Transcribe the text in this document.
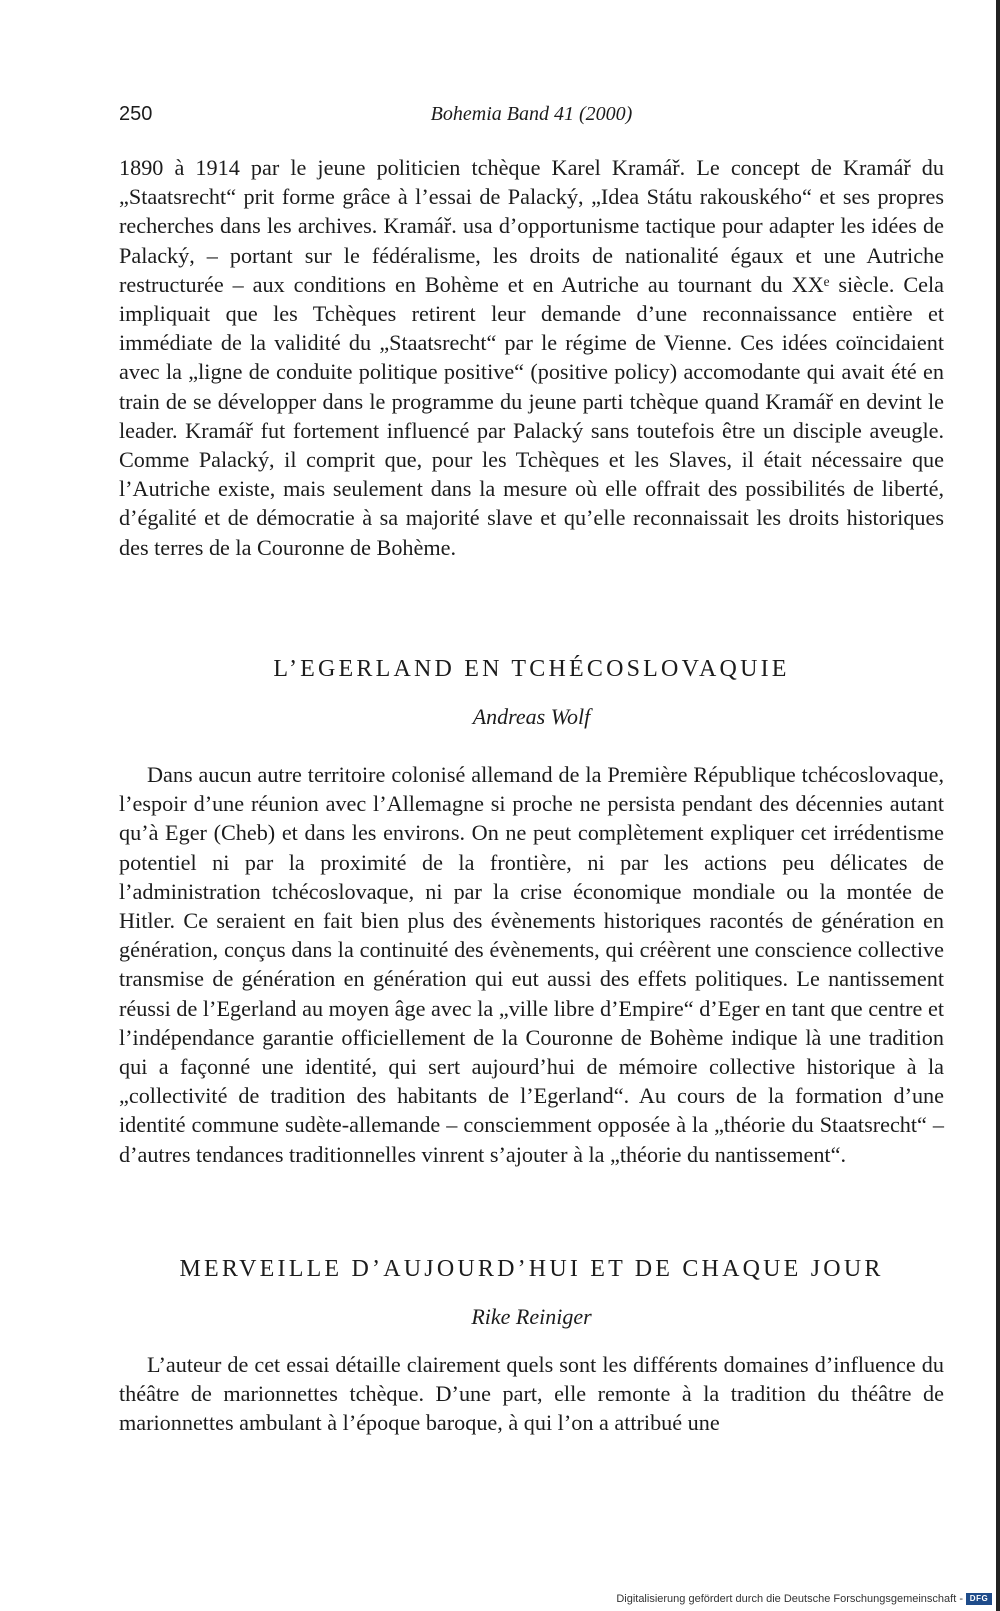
250	Bohemia Band 41 (2000)

1890 à 1914 par le jeune politicien tchèque Karel Kramář. Le concept de Kramář du „Staatsrecht“ prit forme grâce à l’essai de Palacký, „Idea Státu rakouského“ et ses propres recherches dans les archives. Kramář. usa d’opportunisme tactique pour adapter les idées de Palacký, – portant sur le fédéralisme, les droits de nationalité égaux et une Autriche restructurée – aux conditions en Bohème et en Autriche au tournant du XXᵉ siècle. Cela impliquait que les Tchèques retirent leur demande d’une reconnaissance entière et immédiate de la validité du „Staatsrecht“ par le régime de Vienne. Ces idées coïncidaient avec la „ligne de conduite politique positive“ (positive policy) accomodante qui avait été en train de se développer dans le programme du jeune parti tchèque quand Kramář en devint le leader. Kramář fut fortement influencé par Palacký sans toutefois être un disciple aveugle. Comme Palacký, il comprit que, pour les Tchèques et les Slaves, il était nécessaire que l’Autriche existe, mais seulement dans la mesure où elle offrait des possibilités de liberté, d’égalité et de démocratie à sa majorité slave et qu’elle reconnaissait les droits historiques des terres de la Couronne de Bohème.

L’EGERLAND EN TCHÉCOSLOVAQUIE

Andreas Wolf

Dans aucun autre territoire colonisé allemand de la Première République tchécoslovaque, l’espoir d’une réunion avec l’Allemagne si proche ne persista pendant des décennies autant qu’à Eger (Cheb) et dans les environs. On ne peut complètement expliquer cet irrédentisme potentiel ni par la proximité de la frontière, ni par les actions peu délicates de l’administration tchécoslovaque, ni par la crise économique mondiale ou la montée de Hitler. Ce seraient en fait bien plus des évènements historiques racontés de génération en génération, conçus dans la continuité des évènements, qui créèrent une conscience collective transmise de génération en génération qui eut aussi des effets politiques. Le nantissement réussi de l’Egerland au moyen âge avec la „ville libre d’Empire“ d’Eger en tant que centre et l’indépendance garantie officiellement de la Couronne de Bohème indique là une tradition qui a façonné une identité, qui sert aujourd’hui de mémoire collective historique à la „collectivité de tradition des habitants de l’Egerland“. Au cours de la formation d’une identité commune sudète-allemande – consciemment opposée à la „théorie du Staatsrecht“ – d’autres tendances traditionnelles vinrent s’ajouter à la „théorie du nantissement“.

MERVEILLE D’AUJOURD’HUI ET DE CHAQUE JOUR

Rike Reiniger

L’auteur de cet essai détaille clairement quels sont les différents domaines d’influence du théâtre de marionnettes tchèque. D’une part, elle remonte à la tradition du théâtre de marionnettes ambulant à l’époque baroque, à qui l’on a attribué une

Digitalisierung gefördert durch die Deutsche Forschungsgemeinschaft - DFG
